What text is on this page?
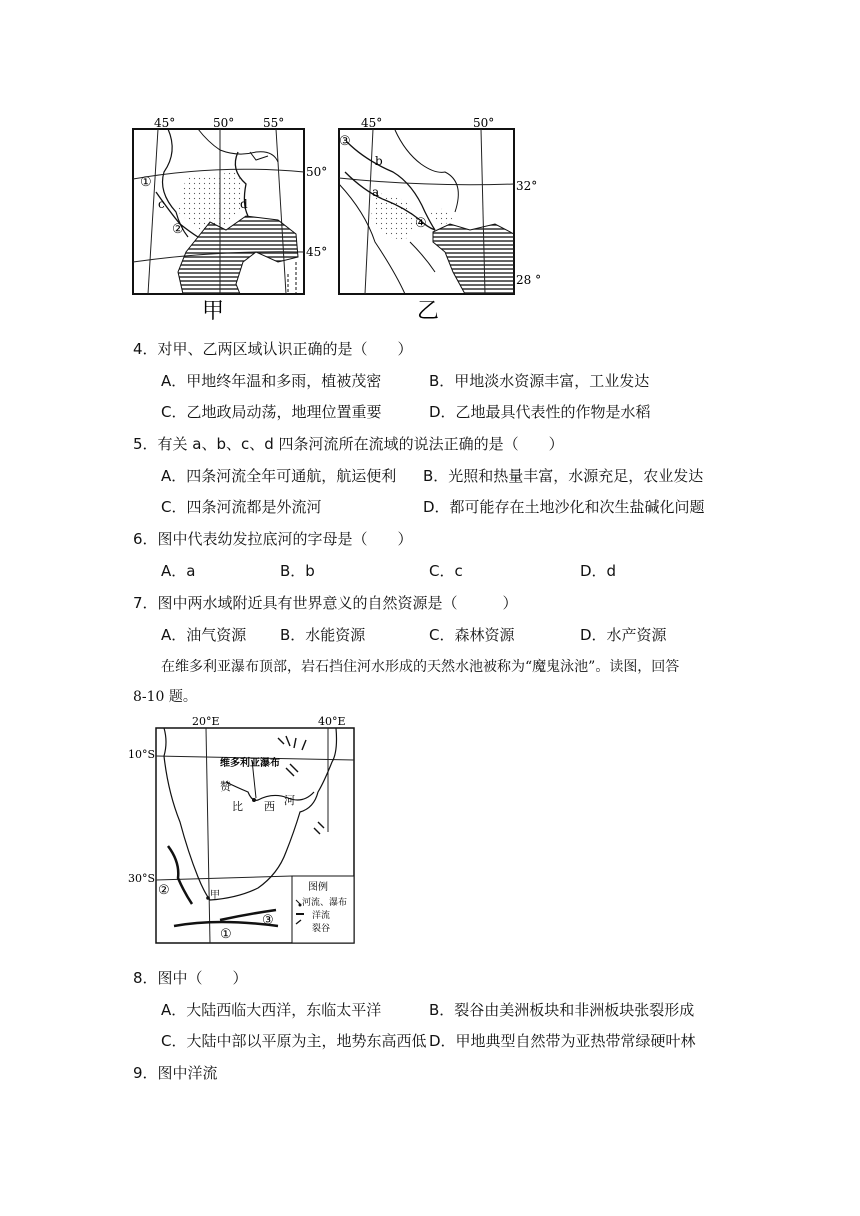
45°	50° 55°
50°
45°
①
②
c	d
甲
45°	50°
32°
28 °
③
④
a
b
乙
4．对甲、乙两区域认识正确的是（　　）
A．甲地终年温和多雨，植被茂密	B．甲地淡水资源丰富，工业发达
C．乙地政局动荡，地理位置重要	D．乙地最具代表性的作物是水稻
5．有关 a、b、c、d 四条河流所在流域的说法正确的是（　　）
A．四条河流全年可通航，航运便利 B．光照和热量丰富，水源充足，农业发达
C．四条河流都是外流河	D．都可能存在土地沙化和次生盐碱化问题
6．图中代表幼发拉底河的字母是（　　）
A．a	B．b	C．c	D．d
7．图中两水域附近具有世界意义的自然资源是（　　　）
A．油气资源 B．水能资源	C．森林资源	D．水产资源
在维多利亚瀑布顶部，岩石挡住河水形成的天然水池被称为“魔鬼泳池”。读图，回答
8-10 题。
图例
河流、瀑布
洋流
裂谷
20°E	40°E
10°S
30°S
维多利亚瀑布
赞
比 西 河
甲
①
②
③
8．图中（　　）
A．大陆西临大西洋，东临太平洋	B．裂谷由美洲板块和非洲板块张裂形成
C．大陆中部以平原为主，地势东高西低 D．甲地典型自然带为亚热带常绿硬叶林
9．图中洋流
